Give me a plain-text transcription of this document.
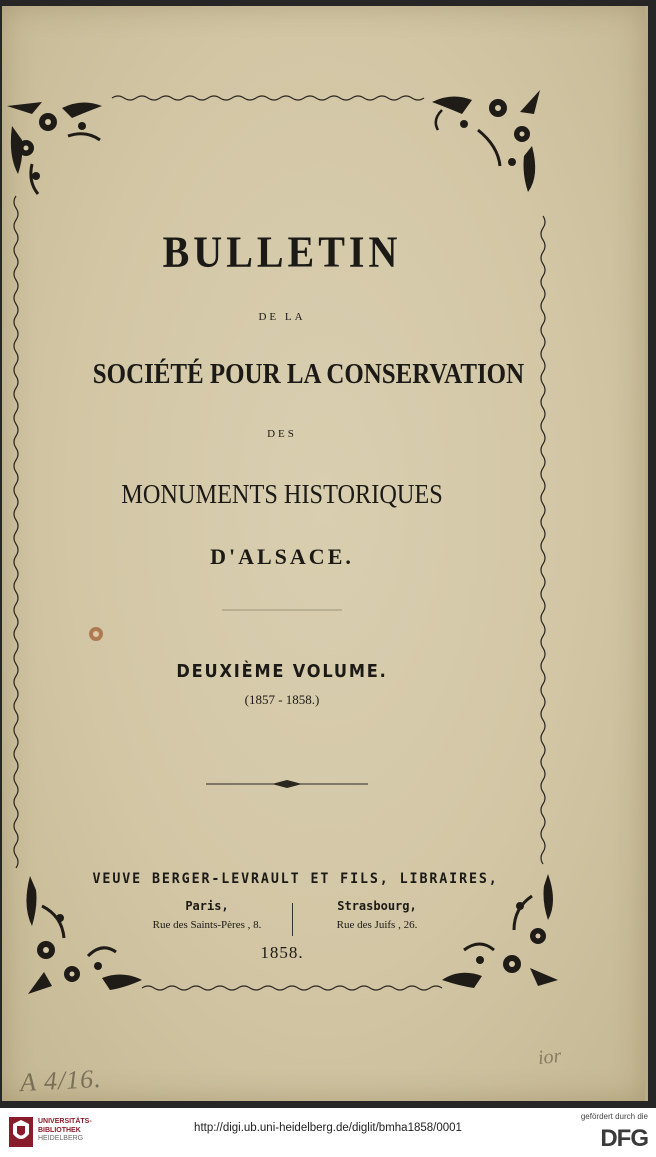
BULLETIN
DE LA
SOCIÉTÉ POUR LA CONSERVATION
DES
MONUMENTS HISTORIQUES
D'ALSACE.
DEUXIÈME VOLUME.
(1857 - 1858.)
VEUVE BERGER-LEVRAULT ET FILS, LIBRAIRES,
Paris,	Strasbourg,
Rue des Saints-Pères , 8.	Rue des Juifs , 26.
1858.
A 4/16.
ior
UNIVERSITÄTS-
BIBLIOTHEK
HEIDELBERG
http://digi.ub.uni-heidelberg.de/diglit/bmha1858/0001
gefördert durch die
DFG
